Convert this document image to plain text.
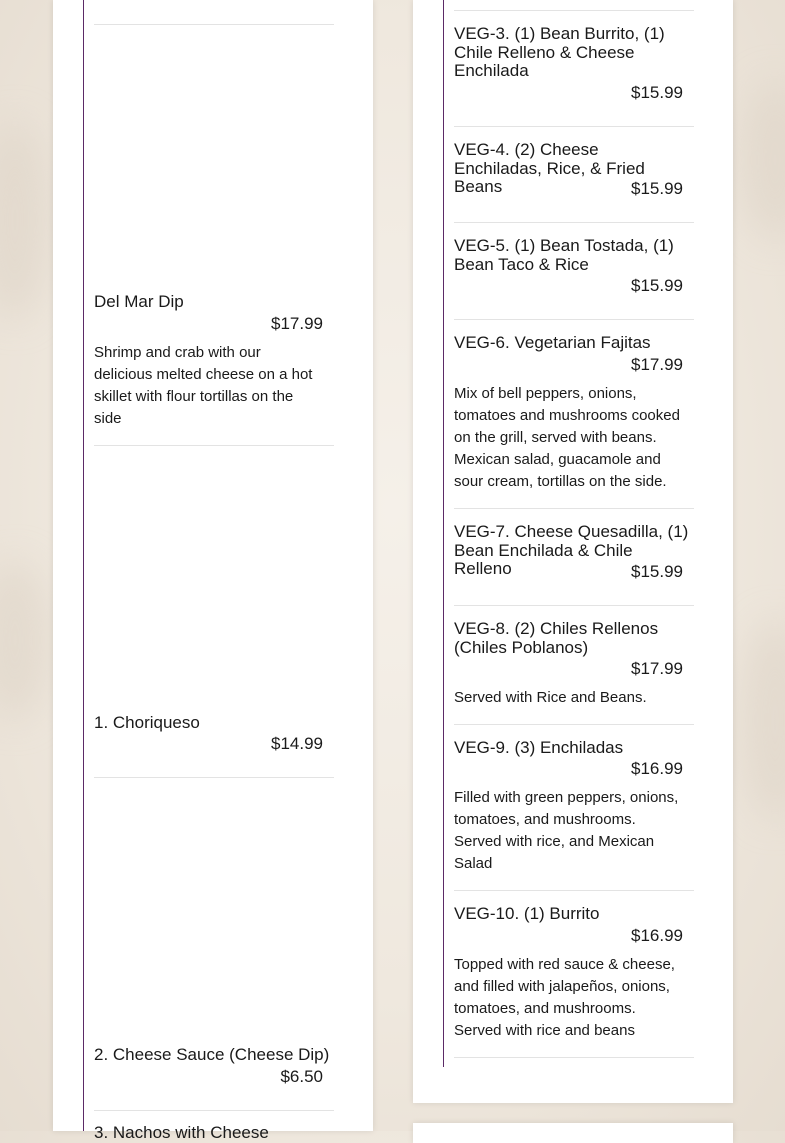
Del Mar Dip
$17.99
Shrimp and crab with our delicious melted cheese on a hot skillet with flour tortillas on the side
1. Choriqueso
$14.99
2. Cheese Sauce (Cheese Dip)
$6.50
3. Nachos with Cheese
VEG-3. (1) Bean Burrito, (1) Chile Relleno & Cheese Enchilada
$15.99
VEG-4. (2) Cheese Enchiladas, Rice, & Fried Beans	$15.99
VEG-5. (1) Bean Tostada, (1) Bean Taco & Rice
$15.99
VEG-6. Vegetarian Fajitas
$17.99
Mix of bell peppers, onions, tomatoes and mushrooms cooked on the grill, served with beans. Mexican salad, guacamole and sour cream, tortillas on the side.
VEG-7. Cheese Quesadilla, (1) Bean Enchilada & Chile Relleno	$15.99
VEG-8. (2) Chiles Rellenos (Chiles Poblanos)
$17.99
Served with Rice and Beans.
VEG-9. (3) Enchiladas
$16.99
Filled with green peppers, onions, tomatoes, and mushrooms. Served with rice, and Mexican Salad
VEG-10. (1) Burrito
$16.99
Topped with red sauce & cheese, and filled with jalapeños, onions, tomatoes, and mushrooms. Served with rice and beans
